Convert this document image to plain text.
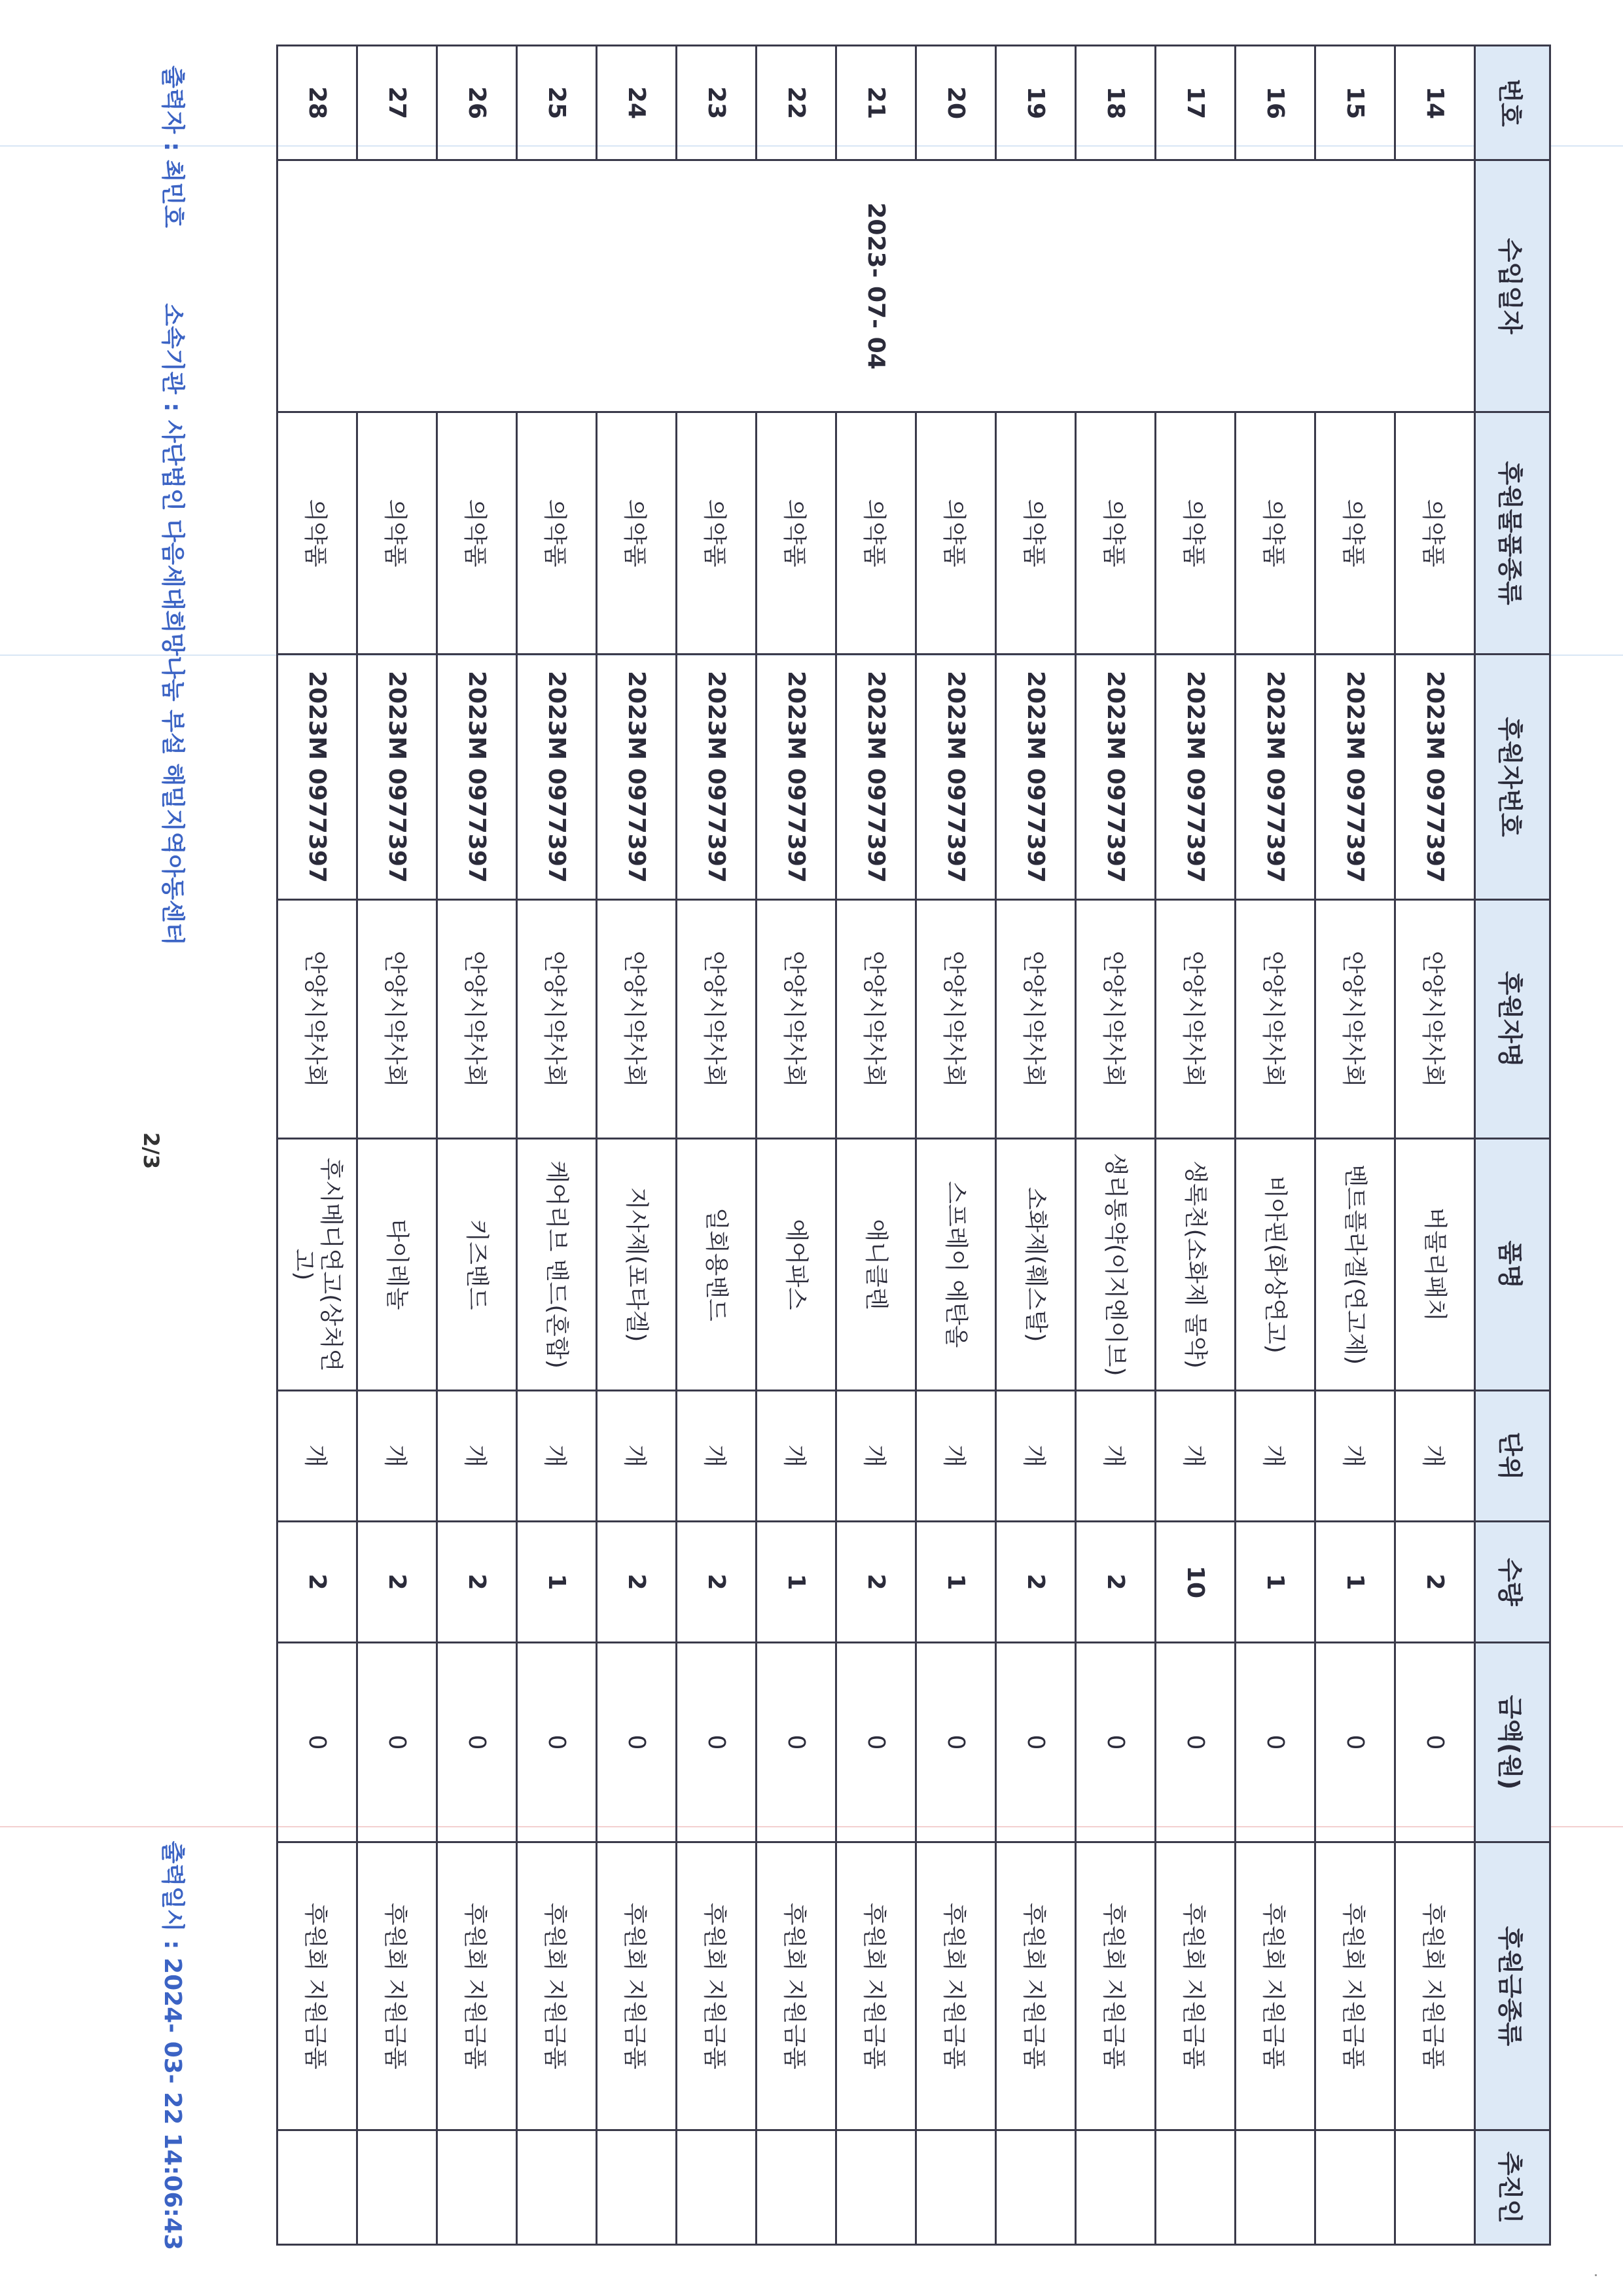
·
번호	수입일자	후원물품종류	후원자번호	후원자명	품명	단위	수량	금액(원)	후원금종류	추진인
14	2023- 07- 04	의약품	2023M 0977397	안양시약사회	버물리패치	개	2	0	후원회 지원금품	
15		의약품	2023M 0977397	안양시약사회	벤트플라겔(연고제)	개	1	0	후원회 지원금품	
16		의약품	2023M 0977397	안양시약사회	비아핀(화상연고)	개	1	0	후원회 지원금품	
17		의약품	2023M 0977397	안양시약사회	생록천(소화제 물약)	개	10	0	후원회 지원금품	
18		의약품	2023M 0977397	안양시약사회	생리통약(이지엔이브)	개	2	0	후원회 지원금품	
19		의약품	2023M 0977397	안양시약사회	소화제(훼스탈)	개	2	0	후원회 지원금품	
20		의약품	2023M 0977397	안양시약사회	스프레이 에탄올	개	1	0	후원회 지원금품	
21		의약품	2023M 0977397	안양시약사회	애니클렌	개	2	0	후원회 지원금품	
22		의약품	2023M 0977397	안양시약사회	에어파스	개	1	0	후원회 지원금품	
23		의약품	2023M 0977397	안양시약사회	일회용밴드	개	2	0	후원회 지원금품	
24		의약품	2023M 0977397	안양시약사회	지사제(포타겔)	개	2	0	후원회 지원금품	
25		의약품	2023M 0977397	안양시약사회	케어리브 밴드(혼합)	개	1	0	후원회 지원금품	
26		의약품	2023M 0977397	안양시약사회	키즈밴드	개	2	0	후원회 지원금품	
27		의약품	2023M 0977397	안양시약사회	타이레놀	개	2	0	후원회 지원금품	
28		의약품	2023M 0977397	안양시약사회	후시메디연고(상처연고)	개	2	0	후원회 지원금품	
출력자 : 최민호  소속기관 : 사단법인 다음세대희망나눔 부설 해밀지역아동센터
2/3
출력일시 : 2024- 03- 22 14:06:43
